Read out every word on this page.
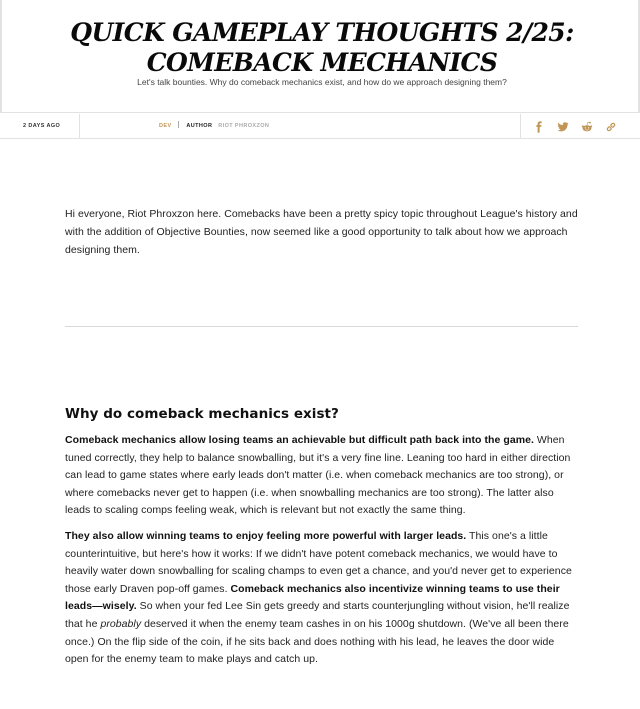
QUICK GAMEPLAY THOUGHTS 2/25: COMEBACK MECHANICS
Let's talk bounties. Why do comeback mechanics exist, and how do we approach designing them?
2 DAYS AGO	DEV	AUTHOR RIOT PHROXZON

Hi everyone, Riot Phroxzon here. Comebacks have been a pretty spicy topic throughout League's history and with the addition of Objective Bounties, now seemed like a good opportunity to talk about how we approach designing them.

Why do comeback mechanics exist?

Comeback mechanics allow losing teams an achievable but difficult path back into the game. When tuned correctly, they help to balance snowballing, but it's a very fine line. Leaning too hard in either direction can lead to game states where early leads don't matter (i.e. when comeback mechanics are too strong), or where comebacks never get to happen (i.e. when snowballing mechanics are too strong). The latter also leads to scaling comps feeling weak, which is relevant but not exactly the same thing.

They also allow winning teams to enjoy feeling more powerful with larger leads. This one's a little counterintuitive, but here's how it works: If we didn't have potent comeback mechanics, we would have to heavily water down snowballing for scaling champs to even get a chance, and you'd never get to experience those early Draven pop-off games. Comeback mechanics also incentivize winning teams to use their leads—wisely. So when your fed Lee Sin gets greedy and starts counterjungling without vision, he'll realize that he probably deserved it when the enemy team cashes in on his 1000g shutdown. (We've all been there once.) On the flip side of the coin, if he sits back and does nothing with his lead, he leaves the door wide open for the enemy team to make plays and catch up.
